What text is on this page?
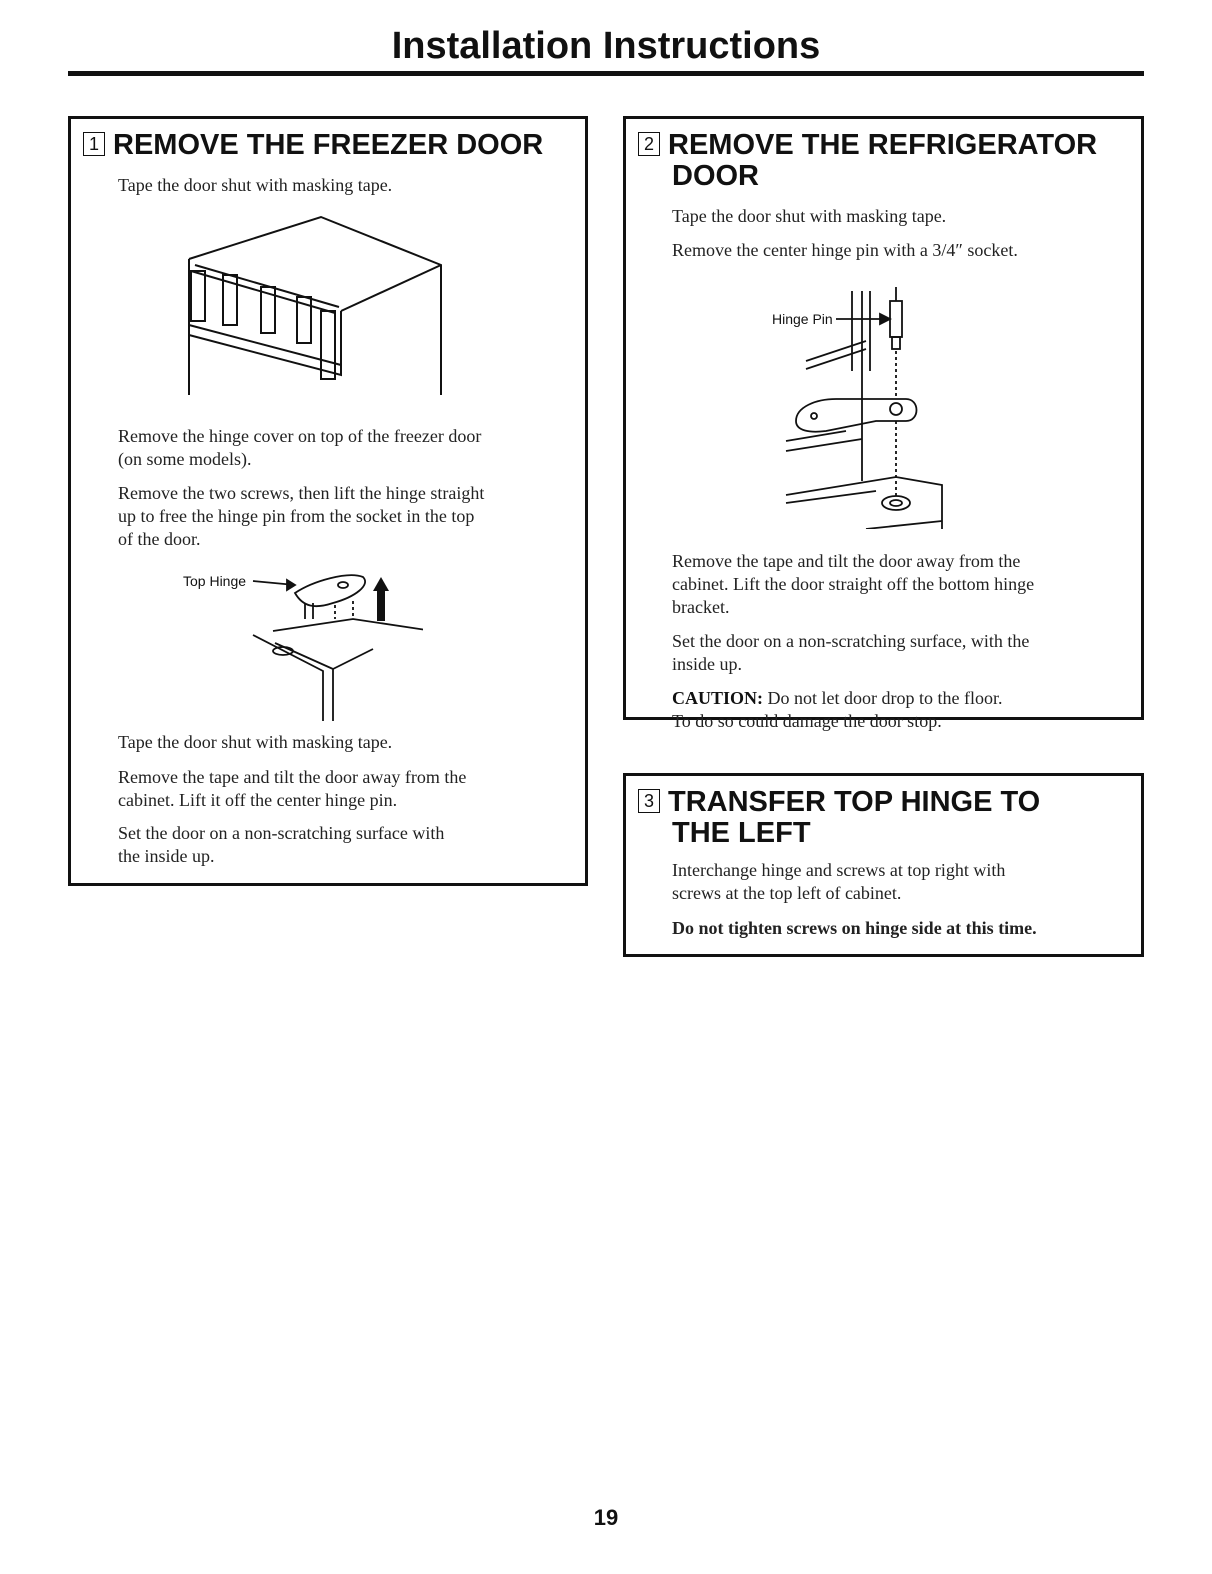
Installation Instructions
1 REMOVE THE FREEZER DOOR

Tape the door shut with masking tape.

Remove the hinge cover on top of the freezer door
(on some models).

Remove the two screws, then lift the hinge straight
up to free the hinge pin from the socket in the top
of the door.

Top Hinge

Tape the door shut with masking tape.

Remove the tape and tilt the door away from the
cabinet. Lift it off the center hinge pin.

Set the door on a non-scratching surface with
the inside up.

2 REMOVE THE REFRIGERATOR
DOOR

Tape the door shut with masking tape.

Remove the center hinge pin with a 3/4″ socket.

Hinge Pin

Remove the tape and tilt the door away from the
cabinet. Lift the door straight off the bottom hinge
bracket.

Set the door on a non-scratching surface, with the
inside up.

CAUTION: Do not let door drop to the floor.
To do so could damage the door stop.

3 TRANSFER TOP HINGE TO
THE LEFT

Interchange hinge and screws at top right with
screws at the top left of cabinet.

Do not tighten screws on hinge side at this time.

19
